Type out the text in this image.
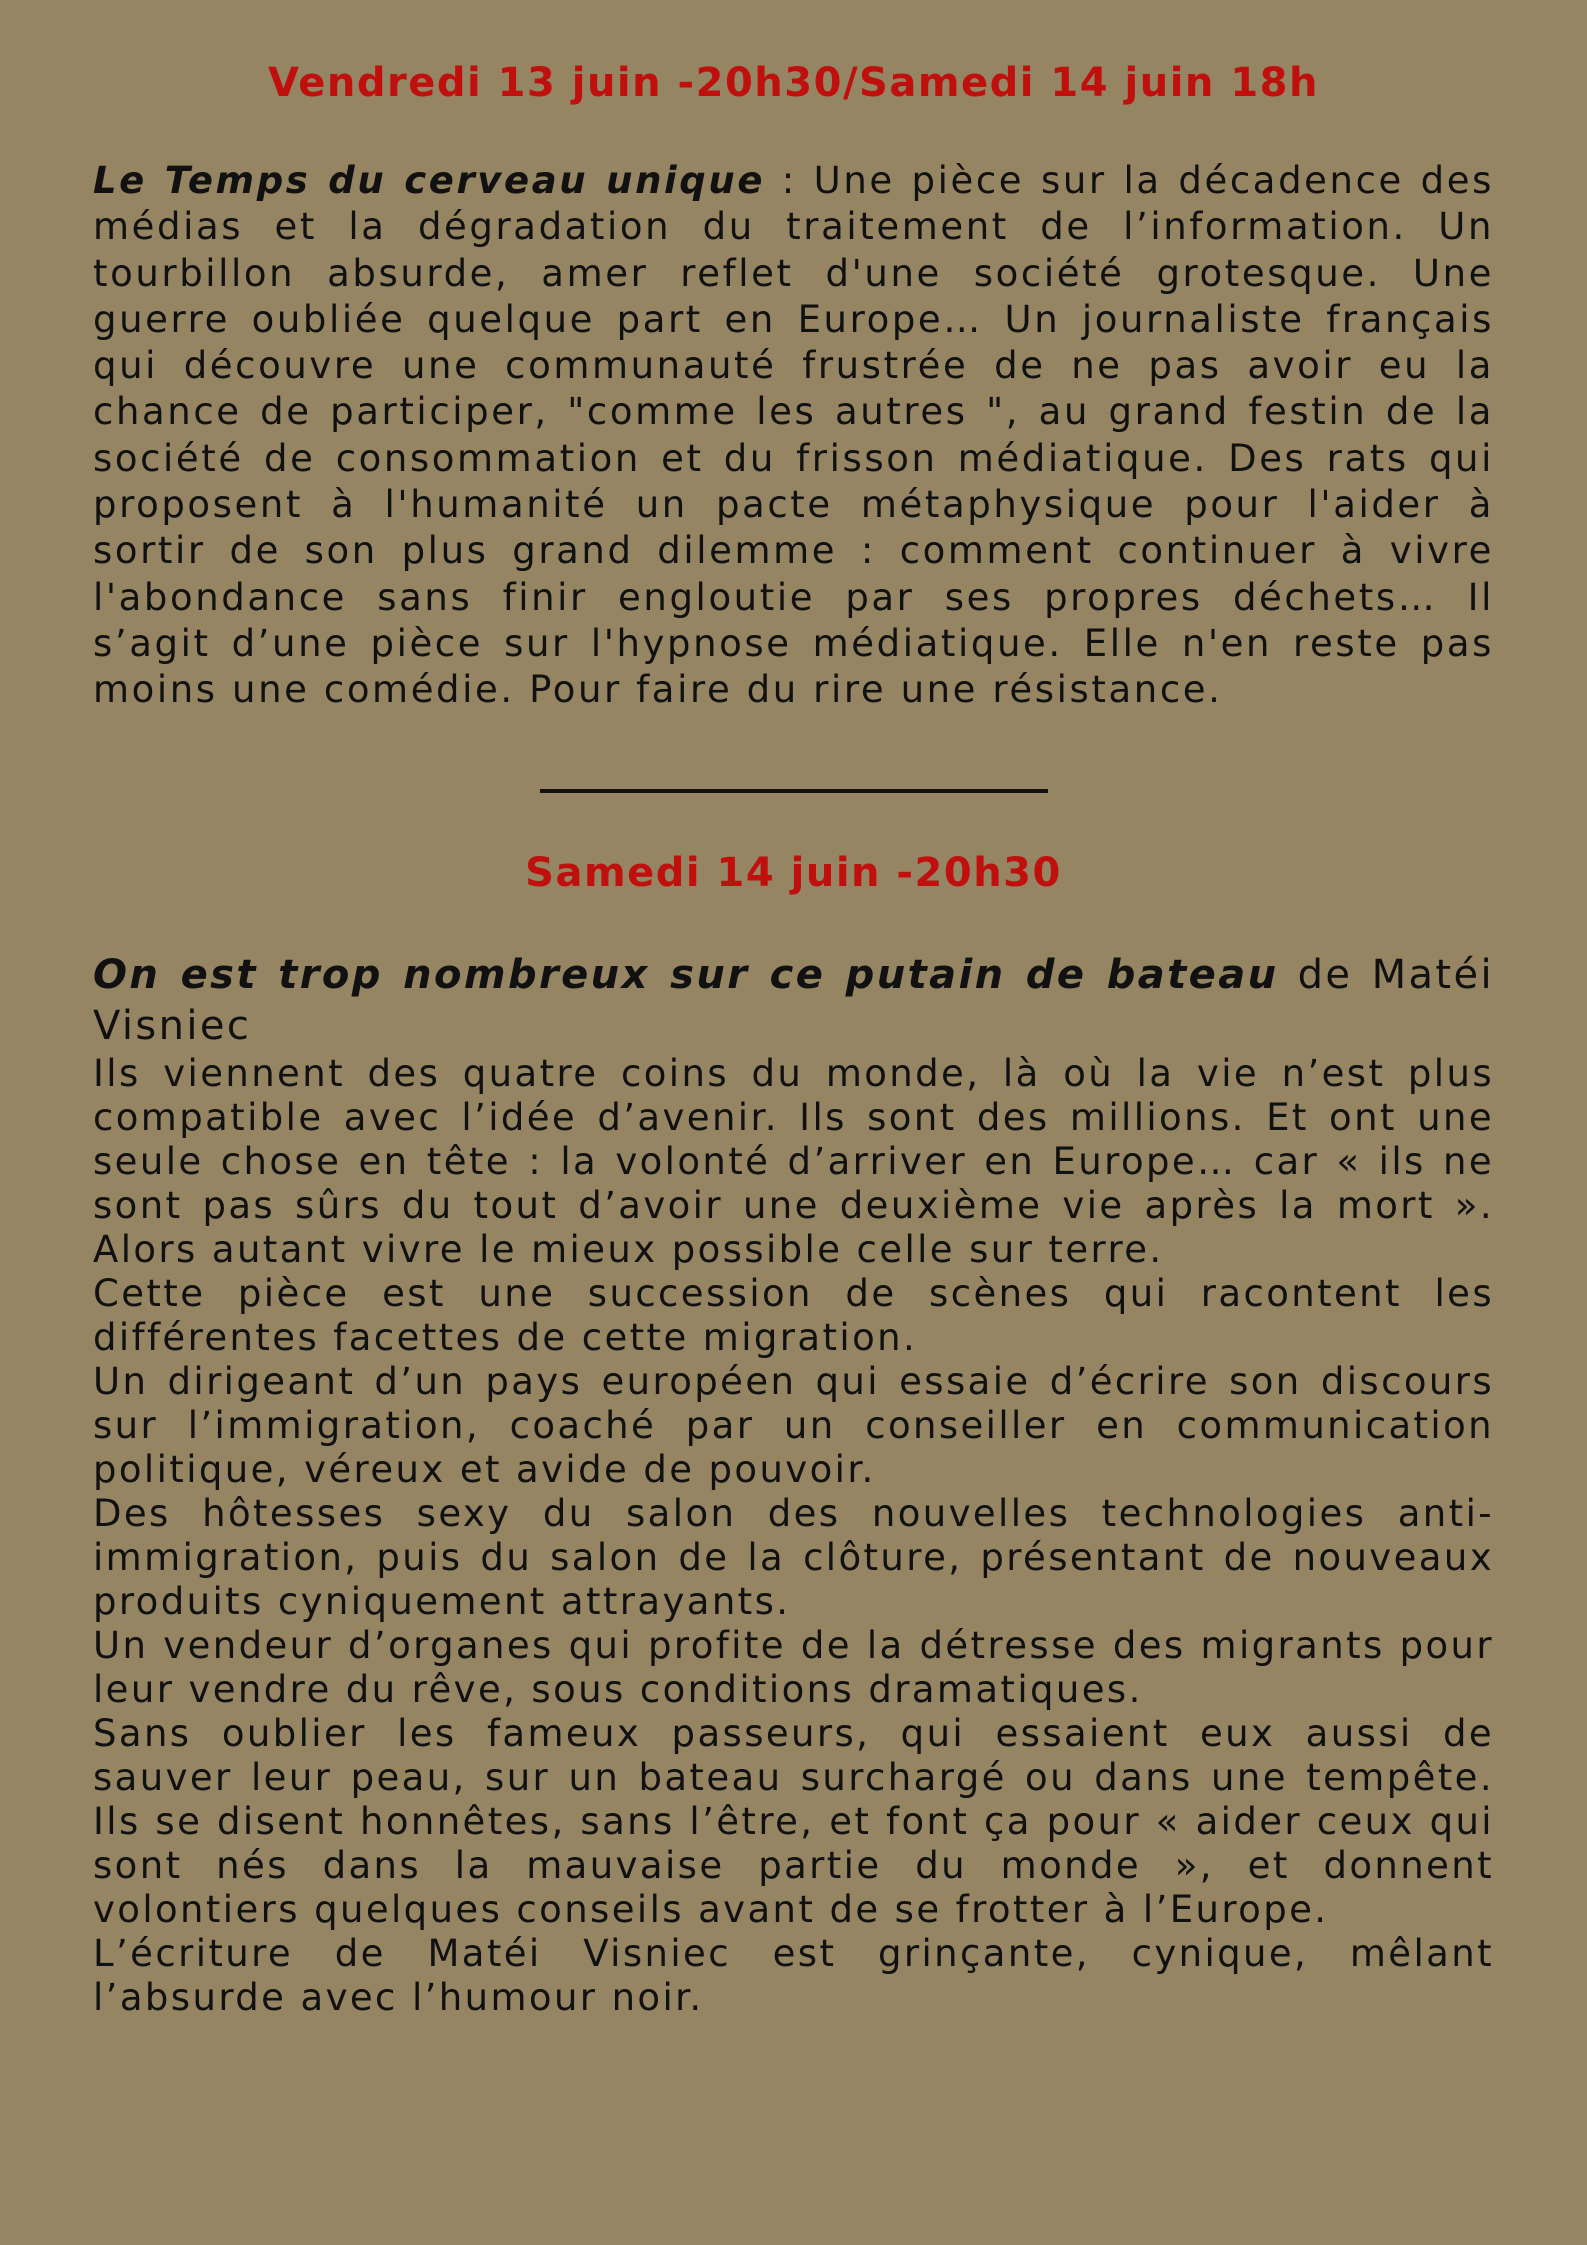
Vendredi 13 juin -20h30/Samedi 14 juin 18h

Le Temps du cerveau unique : Une pièce sur la décadence des médias et la dégradation du traitement de l’information. Un tourbillon absurde, amer reflet d'une société grotesque. Une guerre oubliée quelque part en Europe… Un journaliste français qui découvre une communauté frustrée de ne pas avoir eu la chance de participer, "comme les autres ", au grand festin de la société de consommation et du frisson médiatique. Des rats qui proposent à l'humanité un pacte métaphysique pour l'aider à sortir de son plus grand dilemme : comment continuer à vivre l'abondance sans finir engloutie par ses propres déchets… Il s’agit d’une pièce sur l'hypnose médiatique. Elle n'en reste pas moins une comédie. Pour faire du rire une résistance.

Samedi 14 juin -20h30

On est trop nombreux sur ce putain de bateau de Matéi Visniec

Ils viennent des quatre coins du monde, là où la vie n’est plus compatible avec l’idée d’avenir. Ils sont des millions. Et ont une seule chose en tête : la volonté d’arriver en Europe… car « ils ne sont pas sûrs du tout d’avoir une deuxième vie après la mort ». Alors autant vivre le mieux possible celle sur terre.

Cette pièce est une succession de scènes qui racontent les différentes facettes de cette migration.

Un dirigeant d’un pays européen qui essaie d’écrire son discours sur l’immigration, coaché par un conseiller en communication politique, véreux et avide de pouvoir.

Des hôtesses sexy du salon des nouvelles technologies anti-immigration, puis du salon de la clôture, présentant de nouveaux produits cyniquement attrayants.

Un vendeur d’organes qui profite de la détresse des migrants pour leur vendre du rêve, sous conditions dramatiques.

Sans oublier les fameux passeurs, qui essaient eux aussi de sauver leur peau, sur un bateau surchargé ou dans une tempête. Ils se disent honnêtes, sans l’être, et font ça pour « aider ceux qui sont nés dans la mauvaise partie du monde », et donnent volontiers quelques conseils avant de se frotter à l’Europe.

L’écriture de Matéi Visniec est grinçante, cynique, mêlant l’absurde avec l’humour noir.
